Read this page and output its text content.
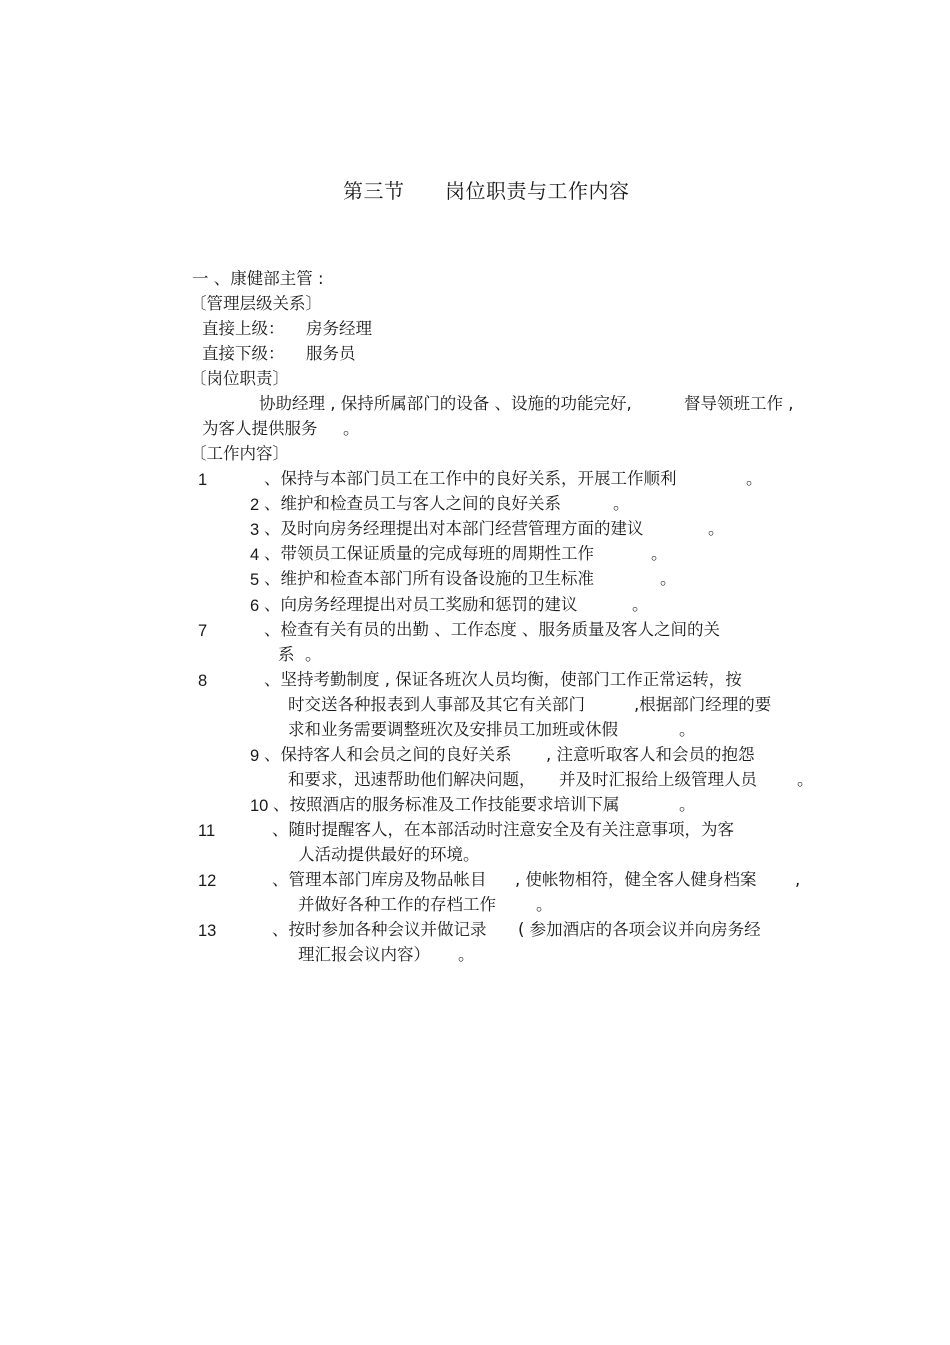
第三节 岗位职责与工作内容
一 、康健部主管 :
〔管理层级关系〕
直接上级： 房务经理
直接下级： 服务员
〔岗位职责〕
协助经理 , 保持所属部门的设备 、设施的功能完好,	督导领班工作 ,
为客人提供服务 。
〔工作内容〕
1	、保持与本部门员工在工作中的良好关系，开展工作顺利	。
2 、维护和检查员工与客人之间的良好关系	。
3 、及时向房务经理提出对本部门经营管理方面的建议	。
4 、带领员工保证质量的完成每班的周期性工作	。
5 、维护和检查本部门所有设备设施的卫生标准	。
6 、向房务经理提出对员工奖励和惩罚的建议	。
7	、检查有关有员的出勤 、工作态度 、服务质量及客人之间的关
系  。
8	、坚持考勤制度 , 保证各班次人员均衡，使部门工作正常运转，按
时交送各种报表到人事部及其它有关部门	,根据部门经理的要
求和业务需要调整班次及安排员工加班或休假	。
9 、保持客人和会员之间的良好关系 , 注意听取客人和会员的抱怨
和要求，迅速帮助他们解决问题， 并及时汇报给上级管理人员 。
10 、按照酒店的服务标准及工作技能要求培训下属	。
11	、随时提醒客人，在本部活动时注意安全及有关注意事项，为客
人活动提供最好的环境。
12	、管理本部门库房及物品帐目 , 使帐物相符，健全客人健身档案 ,
并做好各种工作的存档工作 。
13	、按时参加各种会议并做记录 ( 参加酒店的各项会议并向房务经
理汇报会议内容） 。
